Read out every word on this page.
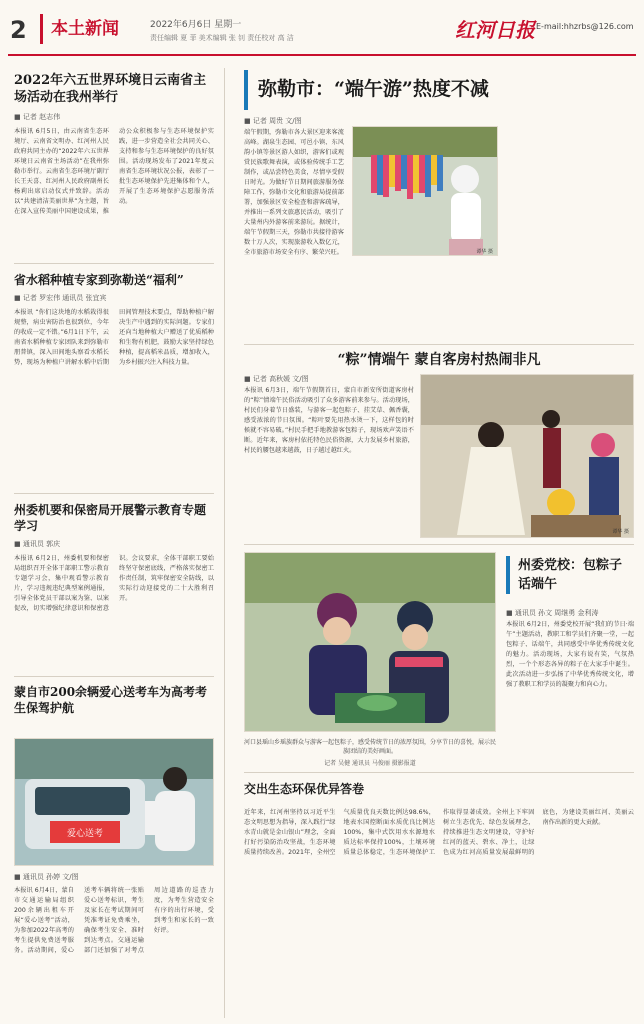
2	本土新闻	2022年6月6日 星期一
责任编辑 夏 菲 美术编辑 张 钊 责任校对 高 洁	红河日报 E-mail:hhzrbs@126.com
2022年六五世界环境日云南省主场活动在我州举行
■ 记者 赵志伟
本报讯 6月5日，由云南省生态环境厅、云南省文明办、红河州人民政府共同主办的“2022年六五世界环境日云南省主场活动”在我州弥勒市举行。云南省生态环境厅副厅长王天喜、红河州人民政府副州长杨莉出席启动仪式并致辞。活动以“共建清洁美丽世界”为主题，旨在深入宣传美丽中国建设成果，推动公众积极参与生态环境保护实践，进一步营造全社会共同关心、支持和参与生态环境保护的良好氛围。活动现场发布了2021年度云南省生态环境状况公报，表彰了一批生态环境保护先进集体和个人，开展了生态环境保护志愿服务活动。
省水稻种植专家到弥勒送“福利”
■ 记者 罗宏伟 通讯员 张宜宾
本报讯 “你们这块地的水稻栽得很规整，病虫害防治也很到位，今年的收成一定不错。”6月1日下午，云南省水稻种植专家团队来到弥勒市朋普镇，深入田间地头察看水稻长势，现场为种植户讲解水稻中后期田间管理技术要点，帮助种植户解决生产中遇到的实际问题。专家们还向当地种植大户赠送了优质稻种和生物有机肥，鼓励大家坚持绿色种植，提高稻米品质，增加收入，为乡村振兴注入科技力量。
州委机要和保密局开展警示教育专题学习
■ 通讯员 郭庆
本报讯 6月2日，州委机要和保密局组织召开全体干部职工警示教育专题学习会，集中观看警示教育片，学习违规违纪典型案例通报，引导全体党员干部以案为鉴、以案促改，切实增强纪律意识和保密意识。会议要求，全体干部职工要始终坚守保密底线，严格落实保密工作责任制，筑牢保密安全防线，以实际行动迎接党的二十大胜利召开。
蒙自市200余辆爱心送考车为高考考生保驾护航
爱心送考
■ 通讯员 孙婷 文/图
本报讯 6月4日，蒙自市交通运输局组织200余辆出租车开展“爱心送考”活动，为参加2022年高考的考生提供免费送考服务。活动期间，爱心送考车辆将统一张贴爱心送考标识，考生及家长在考试期间可凭准考证免费乘坐，确保考生安全、准时到达考点。交通运输部门还加强了对考点周边道路的巡查力度，为考生营造安全有序的出行环境，受到考生和家长的一致好评。
弥勒市：“端午游”热度不减
■ 记者 周贵 文/图
端午假期，弥勒市各大景区迎来客流高峰。湖泉生态园、可邑小镇、东风韵小镇等景区游人如织，游客们或观赏民族歌舞表演，或体验传统手工艺制作，或品尝特色美食，尽情享受假日时光。为做好节日期间旅游服务保障工作，弥勒市文化和旅游局提前部署，加强景区安全检查和游客疏导，并推出一系列文旅惠民活动，吸引了大量州内外游客前来游玩。据统计，端午节假期三天，弥勒市共接待游客数十万人次，实现旅游收入数亿元，全市旅游市场安全有序、繁荣兴旺。	谭华 摄
“粽”情端午 蒙自客房村热闹非凡
■ 记者 高秋媛 文/图
本报讯 6月3日，端午节假期首日，蒙自市新安所街道客房村的“粽”情端午民俗活动吸引了众多游客前来参与。活动现场，村民们身着节日盛装，与游客一起包粽子、挂艾草、佩香囊，感受浓浓的节日氛围。“粽叶要先用热水烫一下，这样包的时候就不容易破。”村民手把手地教游客包粽子，现场欢声笑语不断。近年来，客房村依托特色民俗资源，大力发展乡村旅游，村民的腰包越来越鼓，日子越过越红火。
谭华 摄
河口县瑶山乡瑶族群众与游客一起包粽子，感受传统节日的浓厚氛围，分享节日的喜悦，展示民族团结的美好画面。
记者 吴健 通讯员 马俊丽 摄影报道
州委党校：包粽子 话端午
■ 通讯员 孙文 周继勇 金利涛
本报讯 6月2日，州委党校开展“我们的节日·端午”主题活动，教职工和学员们齐聚一堂，一起包粽子、话端午，共同感受中华优秀传统文化的魅力。活动现场，大家有说有笑，气氛热烈，一个个形态各异的粽子在大家手中诞生。此次活动进一步弘扬了中华优秀传统文化，增强了教职工和学员的凝聚力和向心力。
交出生态环保优异答卷
近年来，红河州坚持以习近平生态文明思想为指导，深入践行“绿水青山就是金山银山”理念，全面打好污染防治攻坚战，生态环境质量持续改善。2021年，全州空气质量优良天数比例达98.6%，地表水国控断面水质优良比例达100%，集中式饮用水水源地水质达标率保持100%，土壤环境质量总体稳定，生态环境保护工作取得显著成效。全州上下牢固树立生态优先、绿色发展理念，持续推进生态文明建设，守护好红河的蓝天、碧水、净土，让绿色成为红河高质量发展最鲜明的底色，为建设美丽红河、美丽云南作出新的更大贡献。
